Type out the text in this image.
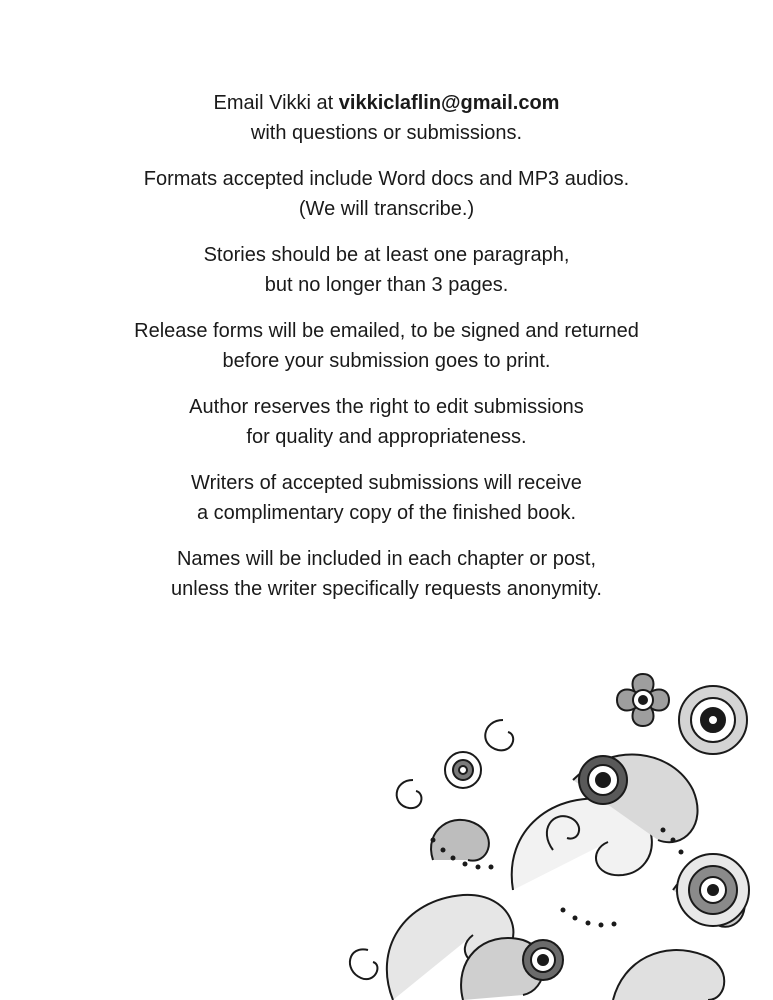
Email Vikki at vikkiclaflin@gmail.com
with questions or submissions.

Formats accepted include Word docs and MP3 audios.
(We will transcribe.)

Stories should be at least one paragraph,
but no longer than 3 pages.

Release forms will be emailed, to be signed and returned
before your submission goes to print.

Author reserves the right to edit submissions
for quality and appropriateness.

Writers of accepted submissions will receive
a complimentary copy of the finished book.

Names will be included in each chapter or post,
unless the writer specifically requests anonymity.
